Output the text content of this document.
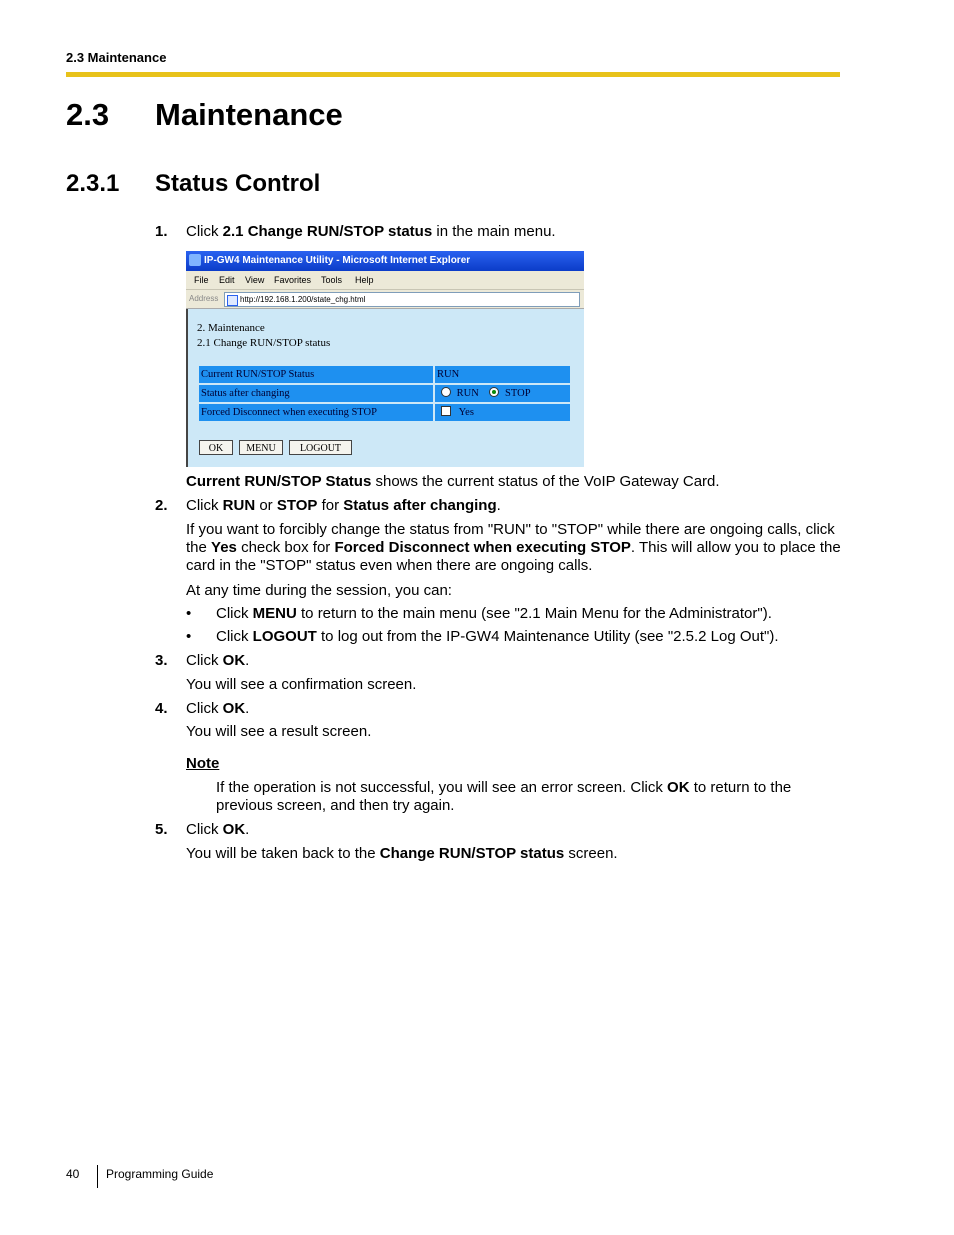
2.3 Maintenance
2.3 Maintenance
2.3.1 Status Control
1. Click 2.1 Change RUN/STOP status in the main menu.
IP-GW4 Maintenance Utility - Microsoft Internet Explorer
File Edit View Favorites Tools Help
Address	http://192.168.1.200/state_chg.html
2. Maintenance
2.1 Change RUN/STOP status
Current RUN/STOP Status	RUN
Status after changing	RUN	STOP
Forced Disconnect when executing STOP	Yes
OK	MENU	LOGOUT
Current RUN/STOP Status shows the current status of the VoIP Gateway Card.
2. Click RUN or STOP for Status after changing.
If you want to forcibly change the status from "RUN" to "STOP" while there are ongoing calls, click the Yes check box for Forced Disconnect when executing STOP. This will allow you to place the card in the "STOP" status even when there are ongoing calls.
At any time during the session, you can:
• Click MENU to return to the main menu (see "2.1 Main Menu for the Administrator").
• Click LOGOUT to log out from the IP-GW4 Maintenance Utility (see "2.5.2 Log Out").
3. Click OK.
You will see a confirmation screen.
4. Click OK.
You will see a result screen.
Note
If the operation is not successful, you will see an error screen. Click OK to return to the previous screen, and then try again.
5. Click OK.
You will be taken back to the Change RUN/STOP status screen.
40 Programming Guide
